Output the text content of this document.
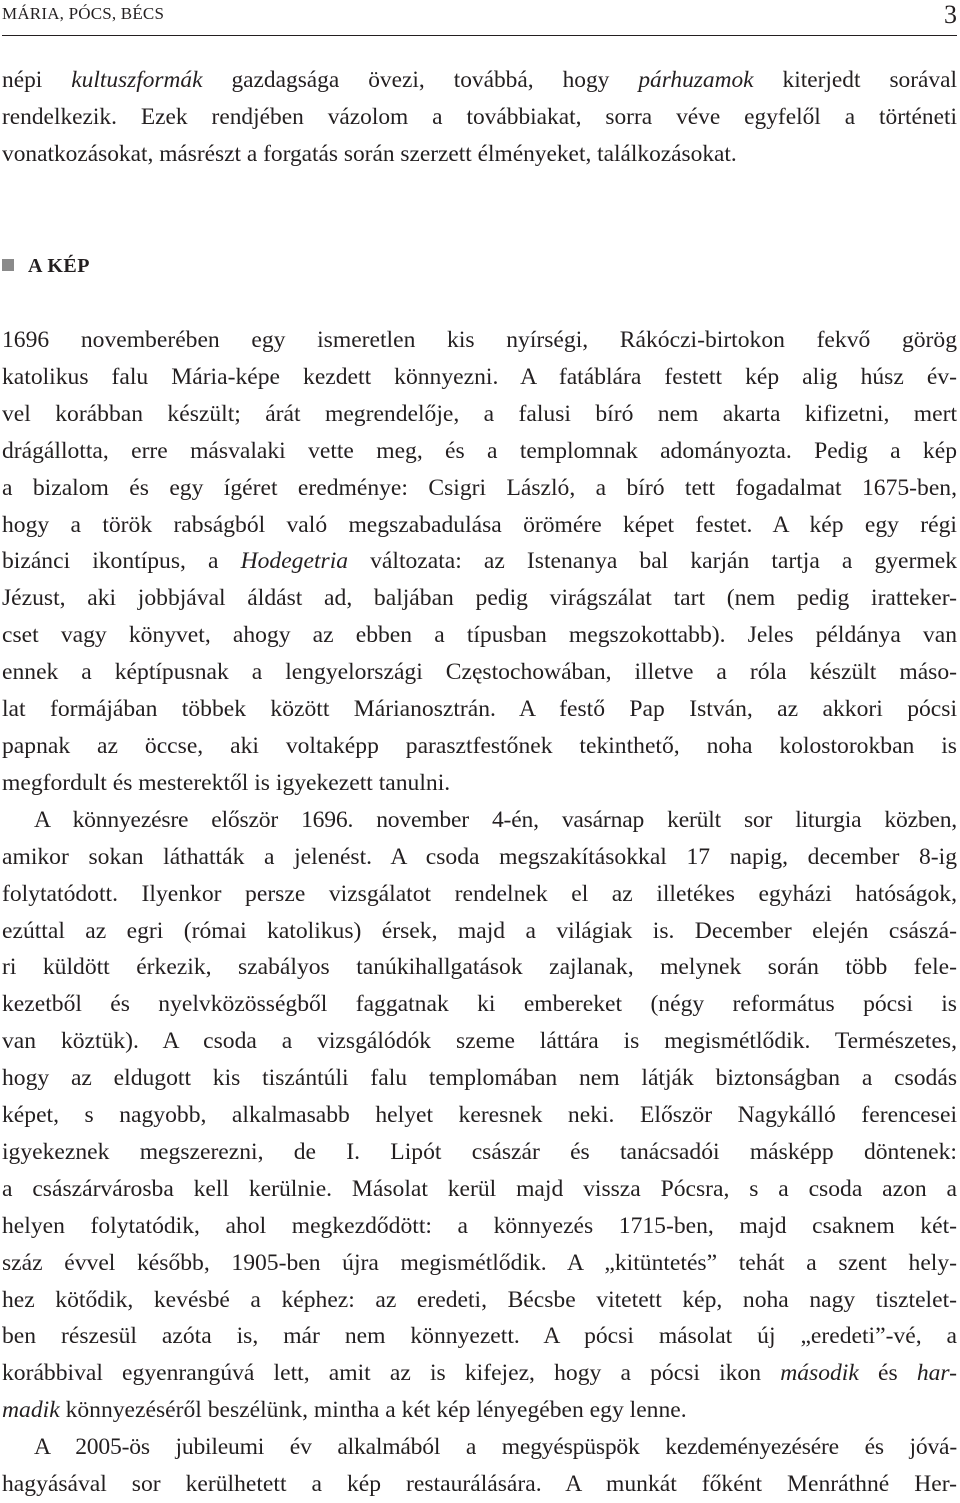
MÁRIA, PÓCS, BÉCS	3

népi kultuszformák gazdagsága övezi, továbbá, hogy párhuzamok kiterjedt sorával
rendelkezik. Ezek rendjében vázolom a továbbiakat, sorra véve egyfelől a történeti
vonatkozásokat, másrészt a forgatás során szerzett élményeket, találkozásokat.

A KÉP

1696 novemberében egy ismeretlen kis nyírségi, Rákóczi-birtokon fekvő görög
katolikus falu Mária-képe kezdett könnyezni. A fatáblára festett kép alig húsz év-
vel korábban készült; árát megrendelője, a falusi bíró nem akarta kifizetni, mert
drágállotta, erre másvalaki vette meg, és a templomnak adományozta. Pedig a kép
a bizalom és egy ígéret eredménye: Csigri László, a bíró tett fogadalmat 1675-ben,
hogy a török rabságból való megszabadulása örömére képet festet. A kép egy régi
bizánci ikontípus, a Hodegetria változata: az Istenanya bal karján tartja a gyermek
Jézust, aki jobbjával áldást ad, baljában pedig virágszálat tart (nem pedig iratteker-
cset vagy könyvet, ahogy az ebben a típusban megszokottabb). Jeles példánya van
ennek a képtípusnak a lengyelországi Częstochowában, illetve a róla készült máso-
lat formájában többek között Márianosztrán. A festő Pap István, az akkori pócsi
papnak az öccse, aki voltaképp parasztfestőnek tekinthető, noha kolostorokban is
megfordult és mesterektől is igyekezett tanulni.

A könnyezésre először 1696. november 4-én, vasárnap került sor liturgia közben,
amikor sokan láthatták a jelenést. A csoda megszakításokkal 17 napig, december 8-ig
folytatódott. Ilyenkor persze vizsgálatot rendelnek el az illetékes egyházi hatóságok,
ezúttal az egri (római katolikus) érsek, majd a világiak is. December elején császá-
ri küldött érkezik, szabályos tanúkihallgatások zajlanak, melynek során több fele-
kezetből és nyelvközösségből faggatnak ki embereket (négy református pócsi is
van köztük). A csoda a vizsgálódók szeme láttára is megismétlődik. Természetes,
hogy az eldugott kis tiszántúli falu templomában nem látják biztonságban a csodás
képet, s nagyobb, alkalmasabb helyet keresnek neki. Először Nagykálló ferencesei
igyekeznek megszerezni, de I. Lipót császár és tanácsadói másképp döntenek:
a császárvárosba kell kerülnie. Másolat kerül majd vissza Pócsra, s a csoda azon a
helyen folytatódik, ahol megkezdődött: a könnyezés 1715-ben, majd csaknem két-
száz évvel később, 1905-ben újra megismétlődik. A „kitüntetés” tehát a szent hely-
hez kötődik, kevésbé a képhez: az eredeti, Bécsbe vitetett kép, noha nagy tisztelet-
ben részesül azóta is, már nem könnyezett. A pócsi másolat új „eredeti”-vé, a
korábbival egyenrangúvá lett, amit az is kifejez, hogy a pócsi ikon második és har-
madik könnyezéséről beszélünk, mintha a két kép lényegében egy lenne.

A 2005-ös jubileumi év alkalmából a megyéspüspök kezdeményezésére és jóvá-
hagyásával sor kerülhetett a kép restaurálására. A munkát főként Menráthné Her-
